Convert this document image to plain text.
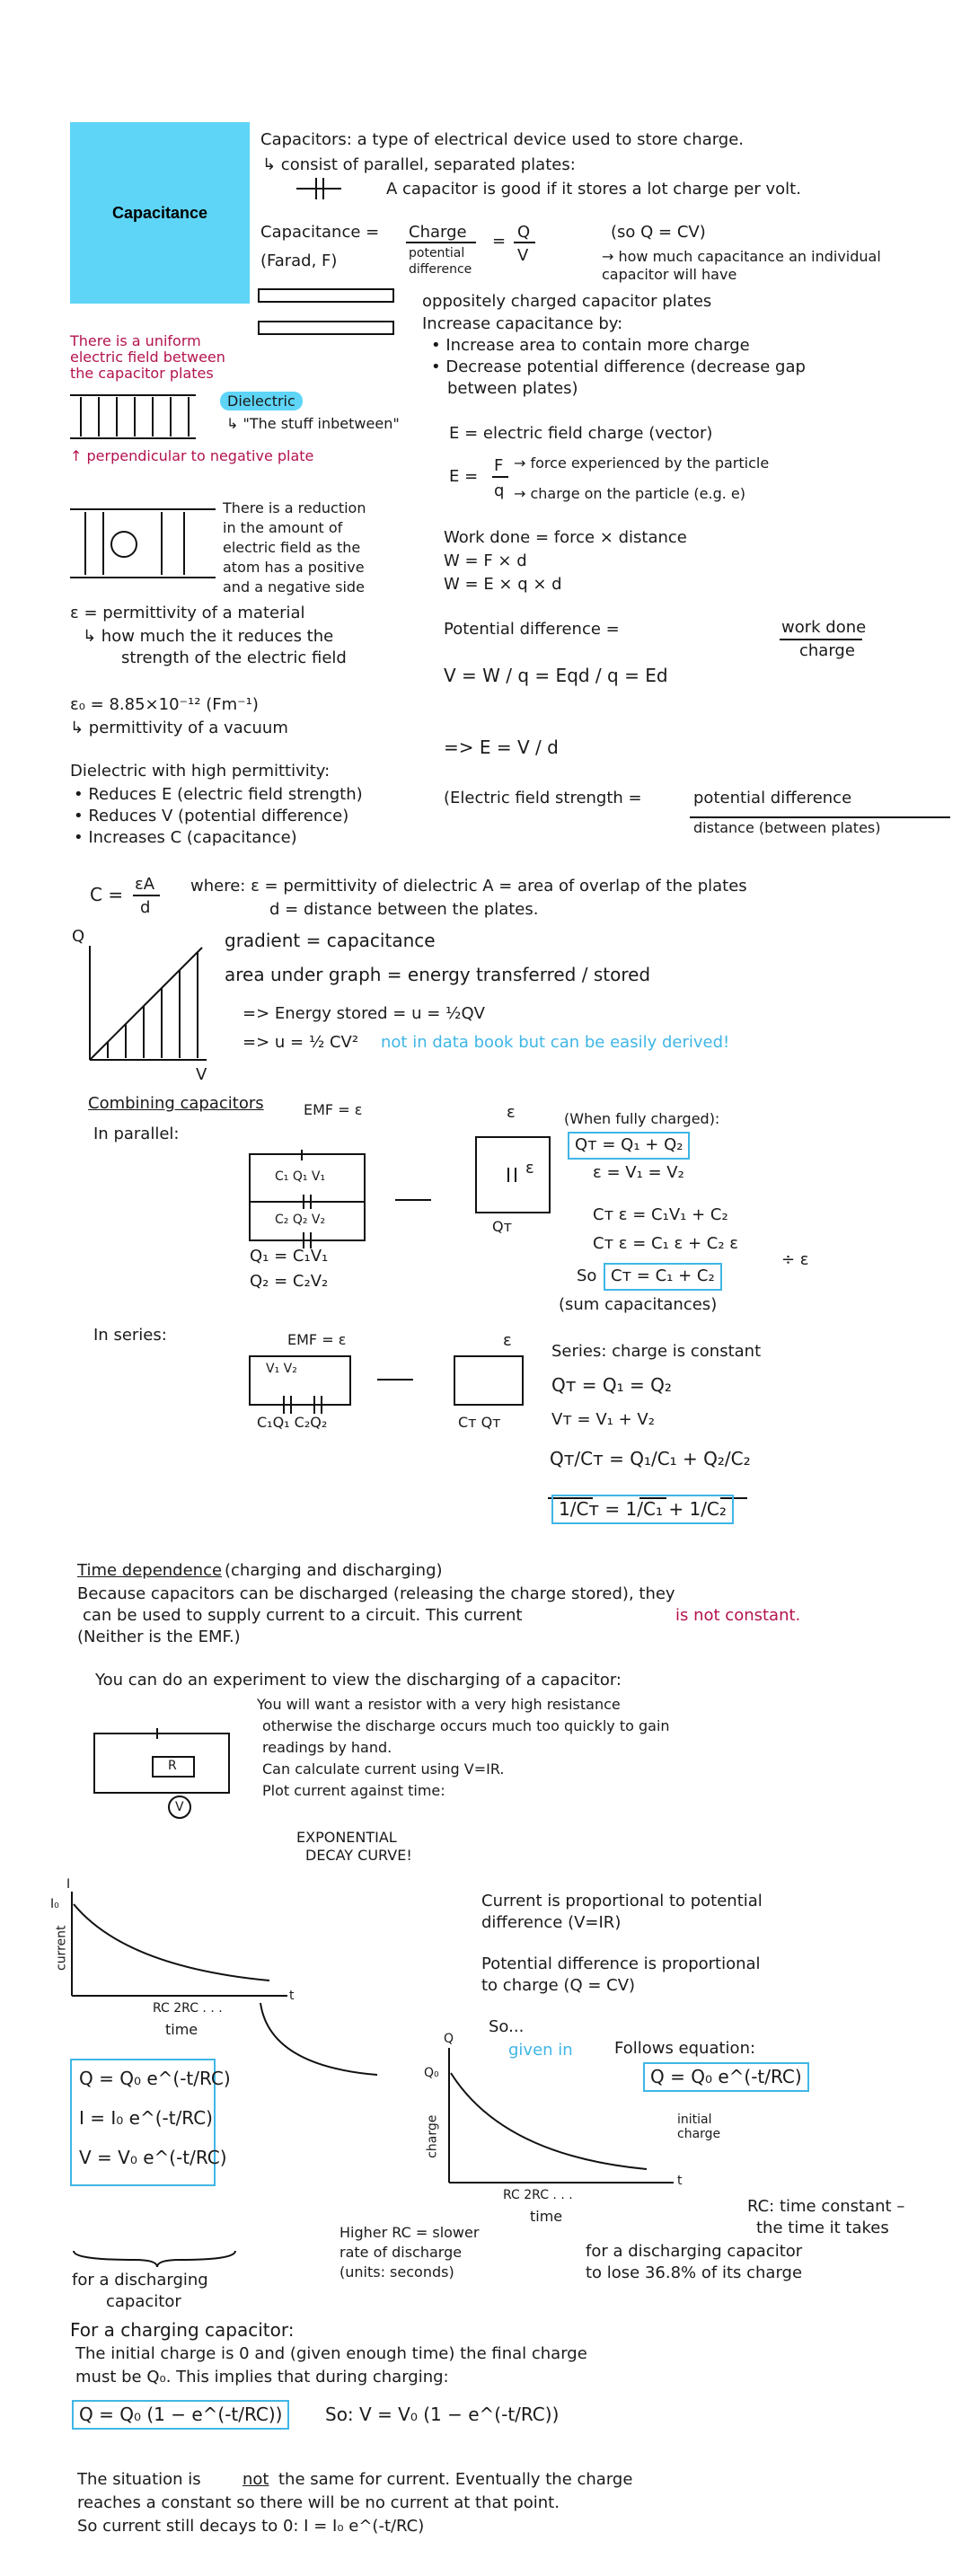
Capacitance
Capacitors: a type of electrical device used to store charge.
↳ consist of parallel, separated plates:
A capacitor is good if it stores a lot charge per volt.
Capacitance = Charge
potential difference
= Q
V
(so Q = CV)
(Farad, F)	→ how much capacitance an individual capacitor will have
oppositely charged capacitor plates
Increase capacitance by:
• Increase area to contain more charge
• Decrease potential difference (decrease gap
between plates)
There is a uniform
electric field between
the capacitor plates
Dielectric
↳ "The stuff inbetween"
↑ perpendicular to negative plate
E = electric field charge (vector)
E =
F
q
→ force experienced by the particle
→ charge on the particle (e.g. e)
Work done = force × distance
W = F × d
W = E × q × d
Potential difference =	work done
charge
V = W / q = Eqd / q = Ed
=> E = V / d
(Electric field strength =	potential difference
distance (between plates)
There is a reduction
in the amount of
electric field as the
atom has a positive
and a negative side
ε = permittivity of a material
↳ how much the it reduces the
strength of the electric field
ε₀ = 8.85×10⁻¹² (Fm⁻¹)
↳ permittivity of a vacuum
Dielectric with high permittivity:
• Reduces E (electric field strength)
• Reduces V (potential difference)
• Increases C (capacitance)
C = εA
d
where: ε = permittivity of dielectric A = area of overlap of the plates
d = distance between the plates.
Q
V
gradient = capacitance
area under graph = energy transferred / stored
=> Energy stored = u = ½QV
=> u = ½ CV² not in data book but can be easily derived!
Combining capacitors
In parallel:
EMF = ε
C₁ Q₁ V₁
C₂ Q₂ V₂
ε
ε
Qᴛ
(When fully charged):
Qᴛ = Q₁ + Q₂
ε = V₁ = V₂
Cᴛ ε = C₁V₁ + C₂
Cᴛ ε = C₁ ε + C₂ ε
÷ ε
So Cᴛ = C₁ + C₂
(sum capacitances)
Q₁ = C₁V₁
Q₂ = C₂V₂
In series:	EMF = ε
V₁ V₂
C₁Q₁ C₂Q₂	Cᴛ Qᴛ
ε
Series: charge is constant
Qᴛ = Q₁ = Q₂
Vᴛ = V₁ + V₂
Qᴛ/Cᴛ = Q₁/C₁ + Q₂/C₂
1/Cᴛ = 1/C₁ + 1/C₂
Time dependence (charging and discharging)
Because capacitors can be discharged (releasing the charge stored), they
can be used to supply current to a circuit. This current	is not constant.
(Neither is the EMF.)
You can do an experiment to view the discharging of a capacitor:
You will want a resistor with a very high resistance
otherwise the discharge occurs much too quickly to gain
readings by hand.
Can calculate current using V=IR.
Plot current against time:
R
V
EXPONENTIAL
DECAY CURVE!
I
I₀
current
RC 2RC . . .
time
t
Current is proportional to potential
difference (V=IR)
Potential difference is proportional
to charge (Q = CV)
So...
given in	Follows equation:
Q = Q₀ e^(-t/RC)
initial
charge
Q = Q₀ e^(-t/RC)
I = I₀ e^(-t/RC)
V = V₀ e^(-t/RC)
for a discharging
capacitor
Q
Q₀
charge
RC 2RC . . .
time
t
RC: time constant –
the time it takes
for a discharging capacitor
to lose 36.8% of its charge
Higher RC = slower
rate of discharge
(units: seconds)
For a charging capacitor:
The initial charge is 0 and (given enough time) the final charge
must be Q₀. This implies that during charging:
Q = Q₀ (1 − e^(-t/RC))	So: V = V₀ (1 − e^(-t/RC))
The situation is	not the same for current. Eventually the charge
reaches a constant so there will be no current at that point.
So current still decays to 0: I = I₀ e^(-t/RC)
